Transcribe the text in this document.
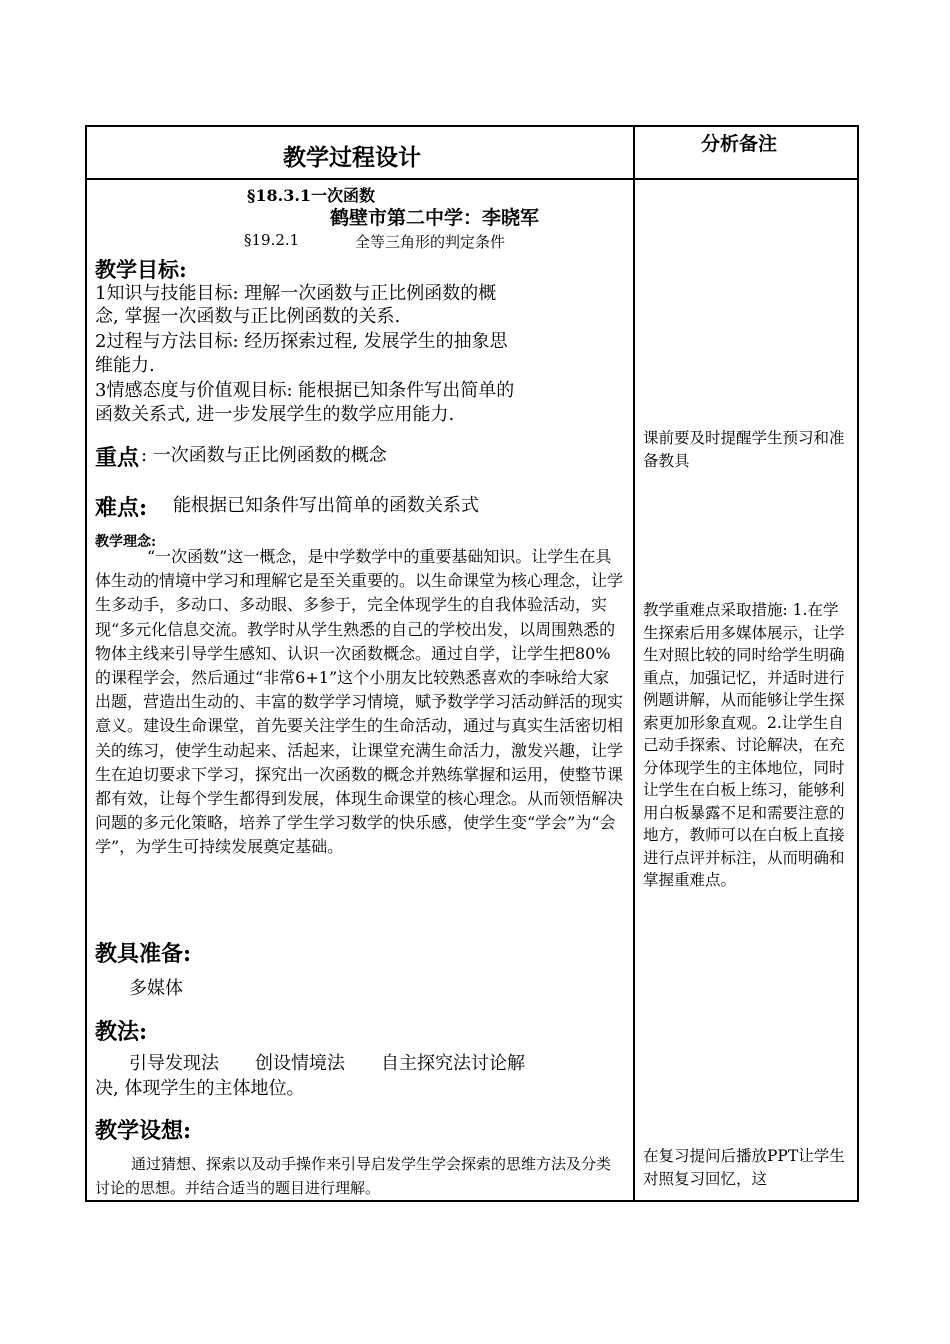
教学过程设计	分析备注
§18.3.1一次函数
鹤壁市第二中学：李晓军
§19.2.1	全等三角形的判定条件
教学目标:
1知识与技能目标: 理解一次函数与正比例函数的概
念, 掌握一次函数与正比例函数的关系.
2过程与方法目标: 经历探索过程, 发展学生的抽象思
维能力.
3情感态度与价值观目标: 能根据已知条件写出简单的
函数关系式, 进一步发展学生的数学应用能力.
重点 : 一次函数与正比例函数的概念
难点: 能根据已知条件写出简单的函数关系式
教学理念:
“一次函数”这一概念，是中学数学中的重要基础知识。让学生在具体生动的情境中学习和理解它是至关重要的。以生命课堂为核心理念，让学生多动手，多动口、多动眼、多参于，完全体现学生的自我体验活动，实现“多元化信息交流。教学时从学生熟悉的自己的学校出发，以周围熟悉的物体主线来引导学生感知、认识一次函数概念。通过自学，让学生把80%的课程学会，然后通过“非常6+1”这个小朋友比较熟悉喜欢的李咏给大家出题，营造出生动的、丰富的数学学习情境，赋予数学学习活动鲜活的现实意义。建设生命课堂，首先要关注学生的生命活动，通过与真实生活密切相关的练习，使学生动起来、活起来，让课堂充满生命活力，激发兴趣，让学生在迫切要求下学习，探究出一次函数的概念并熟练掌握和运用，使整节课都有效，让每个学生都得到发展，体现生命课堂的核心理念。从而领悟解决问题的多元化策略，培养了学生学习数学的快乐感，使学生变“学会”为“会学”，为学生可持续发展奠定基础。
教具准备:
多媒体
教法:
引导发现法　　创设情境法　　自主探究法讨论解
决, 体现学生的主体地位。
教学设想:
通过猜想、探索以及动手操作来引导启发学生学会探索的思维方法及分类讨论的思想。并结合适当的题目进行理解。
课前要及时提醒学生预习和准备教具
教学重难点采取措施: 1.在学生探索后用多媒体展示，让学生对照比较的同时给学生明确重点，加强记忆，并适时进行例题讲解，从而能够让学生探索更加形象直观。2.让学生自己动手探索、讨论解决，在充分体现学生的主体地位，同时让学生在白板上练习，能够利用白板暴露不足和需要注意的地方，教师可以在白板上直接进行点评并标注，从而明确和掌握重难点。
在复习提问后播放PPT让学生对照复习回忆，这
